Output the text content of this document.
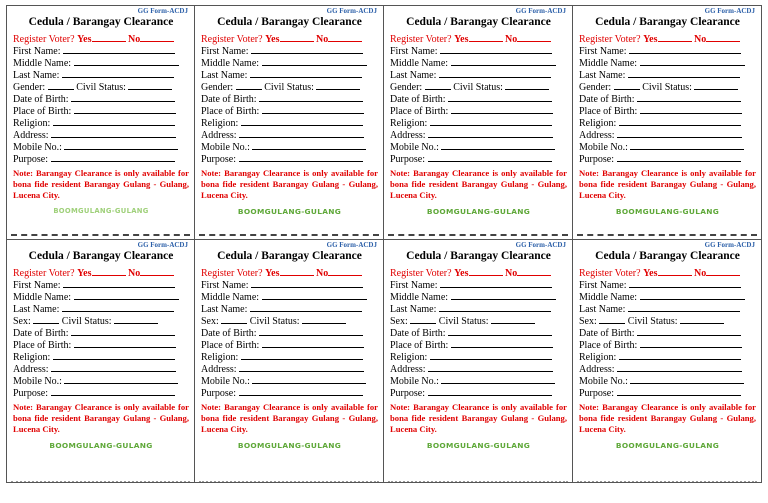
GG Form-ACDJ
Cedula / Barangay Clearance
Register Voter? Yes	No
First Name:
Middle Name:
Last Name:
Gender:	Civil Status:
Date of Birth:
Place of Birth:
Religion:
Address:
Mobile No.:
Purpose:
Note: Barangay Clearance is only available for bona fide resident Barangay Gulang - Gulang, Lucena City.
BOOMGULANG-GULANG
GG Form-ACDJ
Cedula / Barangay Clearance
Register Voter? Yes	No
First Name:
Middle Name:
Last Name:
Gender:	Civil Status:
Date of Birth:
Place of Birth:
Religion:
Address:
Mobile No.:
Purpose:
Note: Barangay Clearance is only available for bona fide resident Barangay Gulang - Gulang, Lucena City.
BOOMGULANG-GULANG
GG Form-ACDJ
Cedula / Barangay Clearance
Register Voter? Yes	No
First Name:
Middle Name:
Last Name:
Gender:	Civil Status:
Date of Birth:
Place of Birth:
Religion:
Address:
Mobile No.:
Purpose:
Note: Barangay Clearance is only available for bona fide resident Barangay Gulang - Gulang, Lucena City.
BOOMGULANG-GULANG
GG Form-ACDJ
Cedula / Barangay Clearance
Register Voter? Yes	No
First Name:
Middle Name:
Last Name:
Gender:	Civil Status:
Date of Birth:
Place of Birth:
Religion:
Address:
Mobile No.:
Purpose:
Note: Barangay Clearance is only available for bona fide resident Barangay Gulang - Gulang, Lucena City.
BOOMGULANG-GULANG
GG Form-ACDJ
Cedula / Barangay Clearance
Register Voter? Yes	No
First Name:
Middle Name:
Last Name:
Sex:	Civil Status:
Date of Birth:
Place of Birth:
Religion:
Address:
Mobile No.:
Purpose:
Note: Barangay Clearance is only available for bona fide resident Barangay Gulang - Gulang, Lucena City.
BOOMGULANG-GULANG
GG Form-ACDJ
Cedula / Barangay Clearance
Register Voter? Yes	No
First Name:
Middle Name:
Last Name:
Sex:	Civil Status:
Date of Birth:
Place of Birth:
Religion:
Address:
Mobile No.:
Purpose:
Note: Barangay Clearance is only available for bona fide resident Barangay Gulang - Gulang, Lucena City.
BOOMGULANG-GULANG
GG Form-ACDJ
Cedula / Barangay Clearance
Register Voter? Yes	No
First Name:
Middle Name:
Last Name:
Sex:	Civil Status:
Date of Birth:
Place of Birth:
Religion:
Address:
Mobile No.:
Purpose:
Note: Barangay Clearance is only available for bona fide resident Barangay Gulang - Gulang, Lucena City.
BOOMGULANG-GULANG
GG Form-ACDJ
Cedula / Barangay Clearance
Register Voter? Yes	No
First Name:
Middle Name:
Last Name:
Sex:	Civil Status:
Date of Birth:
Place of Birth:
Religion:
Address:
Mobile No.:
Purpose:
Note: Barangay Clearance is only available for bona fide resident Barangay Gulang - Gulang, Lucena City.
BOOMGULANG-GULANG
